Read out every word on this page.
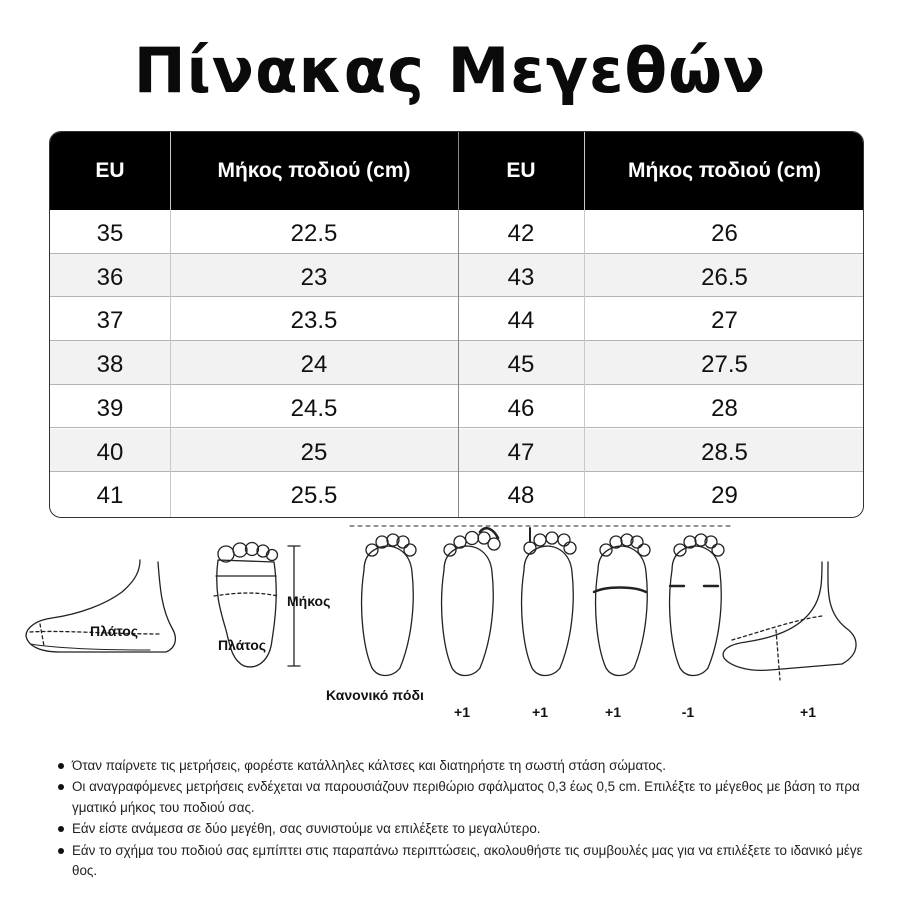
Πίνακας Μεγεθών
EU	Μήκος ποδιού (cm)	EU	Μήκος ποδιού (cm)
35	22.5	42	26
36	23	43	26.5
37	23.5	44	27
38	24	45	27.5
39	24.5	46	28
40	25	47	28.5
41	25.5	48	29
Πλάτος
Μήκος
Πλάτος
Κανονικό πόδι
+1	+1	+1	-1	+1
Όταν παίρνετε τις μετρήσεις, φορέστε κατάλληλες κάλτσες και διατηρήστε τη σωστή στάση σώματος.
Οι αναγραφόμενες μετρήσεις ενδέχεται να παρουσιάζουν περιθώριο σφάλματος 0,3 έως 0,5 cm. Επιλέξτε το μέγεθος με βάση το πραγματικό μήκος του ποδιού σας.
Εάν είστε ανάμεσα σε δύο μεγέθη, σας συνιστούμε να επιλέξετε το μεγαλύτερο.
Εάν το σχήμα του ποδιού σας εμπίπτει στις παραπάνω περιπτώσεις, ακολουθήστε τις συμβουλές μας για να επιλέξετε το ιδανικό μέγεθος.
